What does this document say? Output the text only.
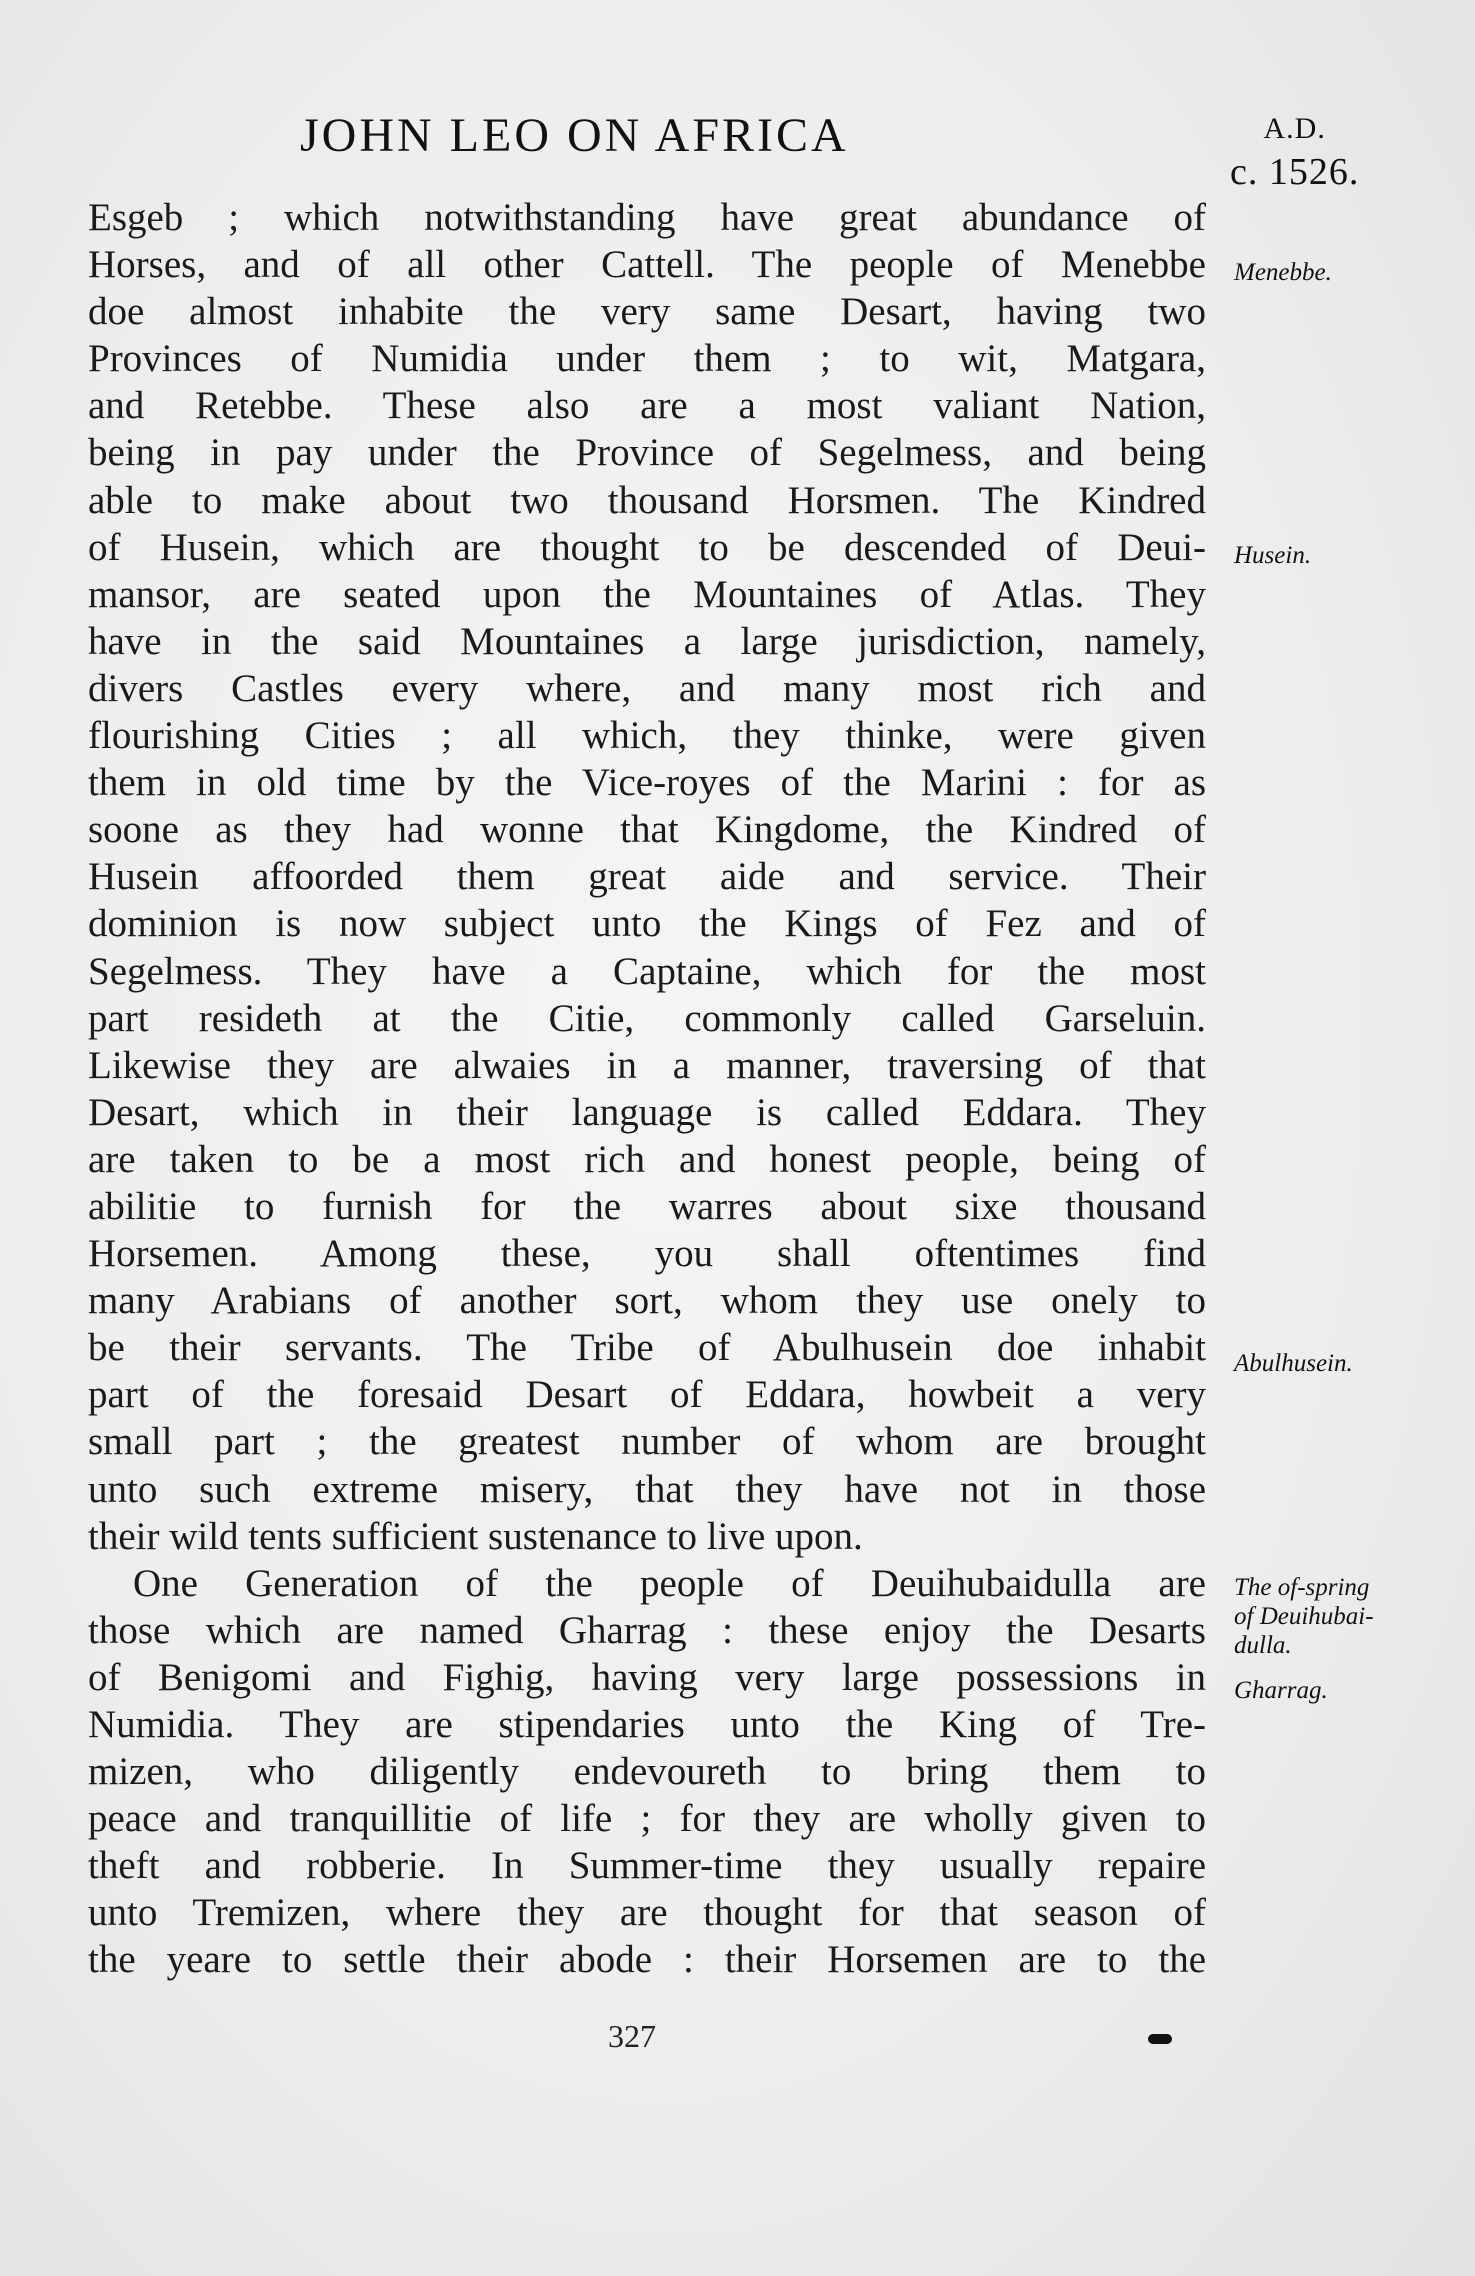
JOHN LEO ON AFRICA	A.D.
c. 1526.
Esgeb ; which notwithstanding have great abundance of
Horses, and of all other Cattell. The people of Menebbe
doe almost inhabite the very same Desart, having two
Provinces of Numidia under them ; to wit, Matgara,
and Retebbe. These also are a most valiant Nation,
being in pay under the Province of Segelmess, and being
able to make about two thousand Horsmen. The Kindred
of Husein, which are thought to be descended of Deui-
mansor, are seated upon the Mountaines of Atlas. They
have in the said Mountaines a large jurisdiction, namely,
divers Castles every where, and many most rich and
flourishing Cities ; all which, they thinke, were given
them in old time by the Vice-royes of the Marini : for as
soone as they had wonne that Kingdome, the Kindred of
Husein affoorded them great aide and service. Their
dominion is now subject unto the Kings of Fez and of
Segelmess. They have a Captaine, which for the most
part resideth at the Citie, commonly called Garseluin.
Likewise they are alwaies in a manner, traversing of that
Desart, which in their language is called Eddara. They
are taken to be a most rich and honest people, being of
abilitie to furnish for the warres about sixe thousand
Horsemen. Among these, you shall oftentimes find
many Arabians of another sort, whom they use onely to
be their servants. The Tribe of Abulhusein doe inhabit
part of the foresaid Desart of Eddara, howbeit a very
small part ; the greatest number of whom are brought
unto such extreme misery, that they have not in those
their wild tents sufficient sustenance to live upon.
One Generation of the people of Deuihubaidulla are
those which are named Gharrag : these enjoy the Desarts
of Benigomi and Fighig, having very large possessions in
Numidia. They are stipendaries unto the King of Tre-
mizen, who diligently endevoureth to bring them to
peace and tranquillitie of life ; for they are wholly given to
theft and robberie. In Summer-time they usually repaire
unto Tremizen, where they are thought for that season of
the yeare to settle their abode : their Horsemen are to the
Menebbe.
Husein.
Abulhusein.
The of-spring
of Deuihubai-
dulla.
Gharrag.
327
